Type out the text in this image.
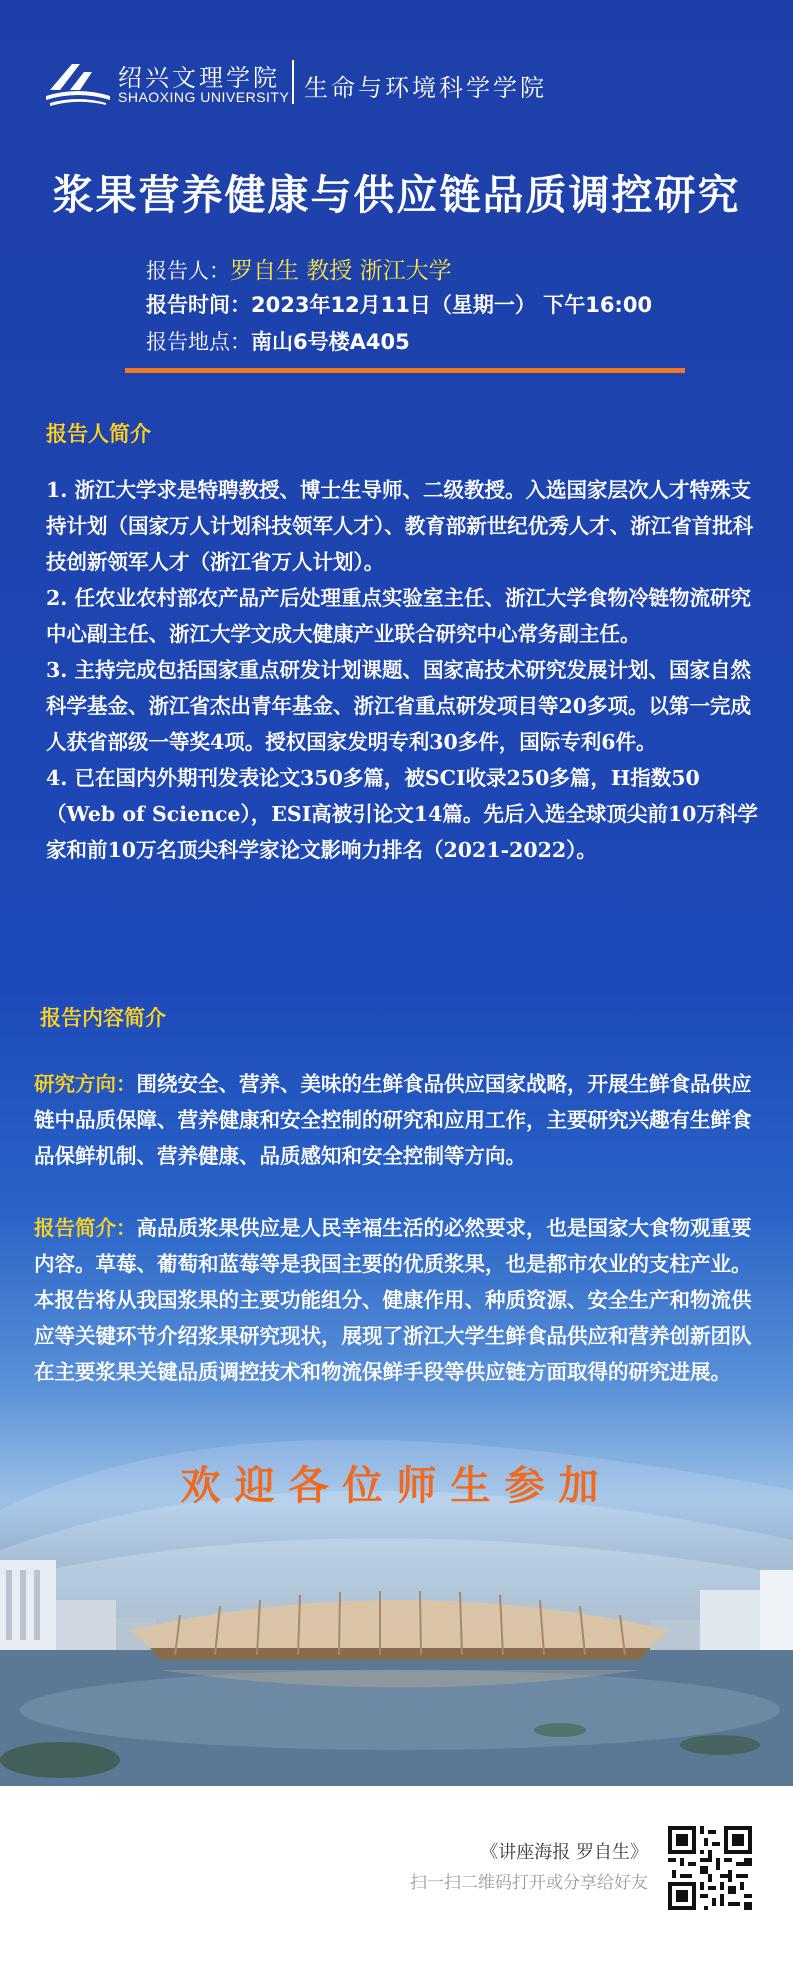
绍兴文理学院
SHAOXING UNIVERSITY 生命与环境科学学院
浆果营养健康与供应链品质调控研究
报告人：罗自生 教授 浙江大学
报告时间：2023年12月11日（星期一） 下午16:00
报告地点：南山6号楼A405
报告人简介
1. 浙江大学求是特聘教授、博士生导师、二级教授。入选国家层次人才特殊支持计划（国家万人计划科技领军人才）、教育部新世纪优秀人才、浙江省首批科技创新领军人才（浙江省万人计划）。
2. 任农业农村部农产品产后处理重点实验室主任、浙江大学食物冷链物流研究中心副主任、浙江大学文成大健康产业联合研究中心常务副主任。
3. 主持完成包括国家重点研发计划课题、国家高技术研究发展计划、国家自然科学基金、浙江省杰出青年基金、浙江省重点研发项目等20多项。以第一完成人获省部级一等奖4项。授权国家发明专利30多件，国际专利6件。
4. 已在国内外期刊发表论文350多篇，被SCI收录250多篇，H指数50（Web of Science），ESI高被引论文14篇。先后入选全球顶尖前10万科学家和前10万名顶尖科学家论文影响力排名（2021-2022）。
报告内容简介
研究方向：围绕安全、营养、美味的生鲜食品供应国家战略，开展生鲜食品供应链中品质保障、营养健康和安全控制的研究和应用工作，主要研究兴趣有生鲜食品保鲜机制、营养健康、品质感知和安全控制等方向。
报告简介：高品质浆果供应是人民幸福生活的必然要求，也是国家大食物观重要内容。草莓、葡萄和蓝莓等是我国主要的优质浆果，也是都市农业的支柱产业。本报告将从我国浆果的主要功能组分、健康作用、种质资源、安全生产和物流供应等关键环节介绍浆果研究现状，展现了浙江大学生鲜食品供应和营养创新团队在主要浆果关键品质调控技术和物流保鲜手段等供应链方面取得的研究进展。
欢迎各位师生参加
《讲座海报 罗自生》
扫一扫二维码打开或分享给好友
